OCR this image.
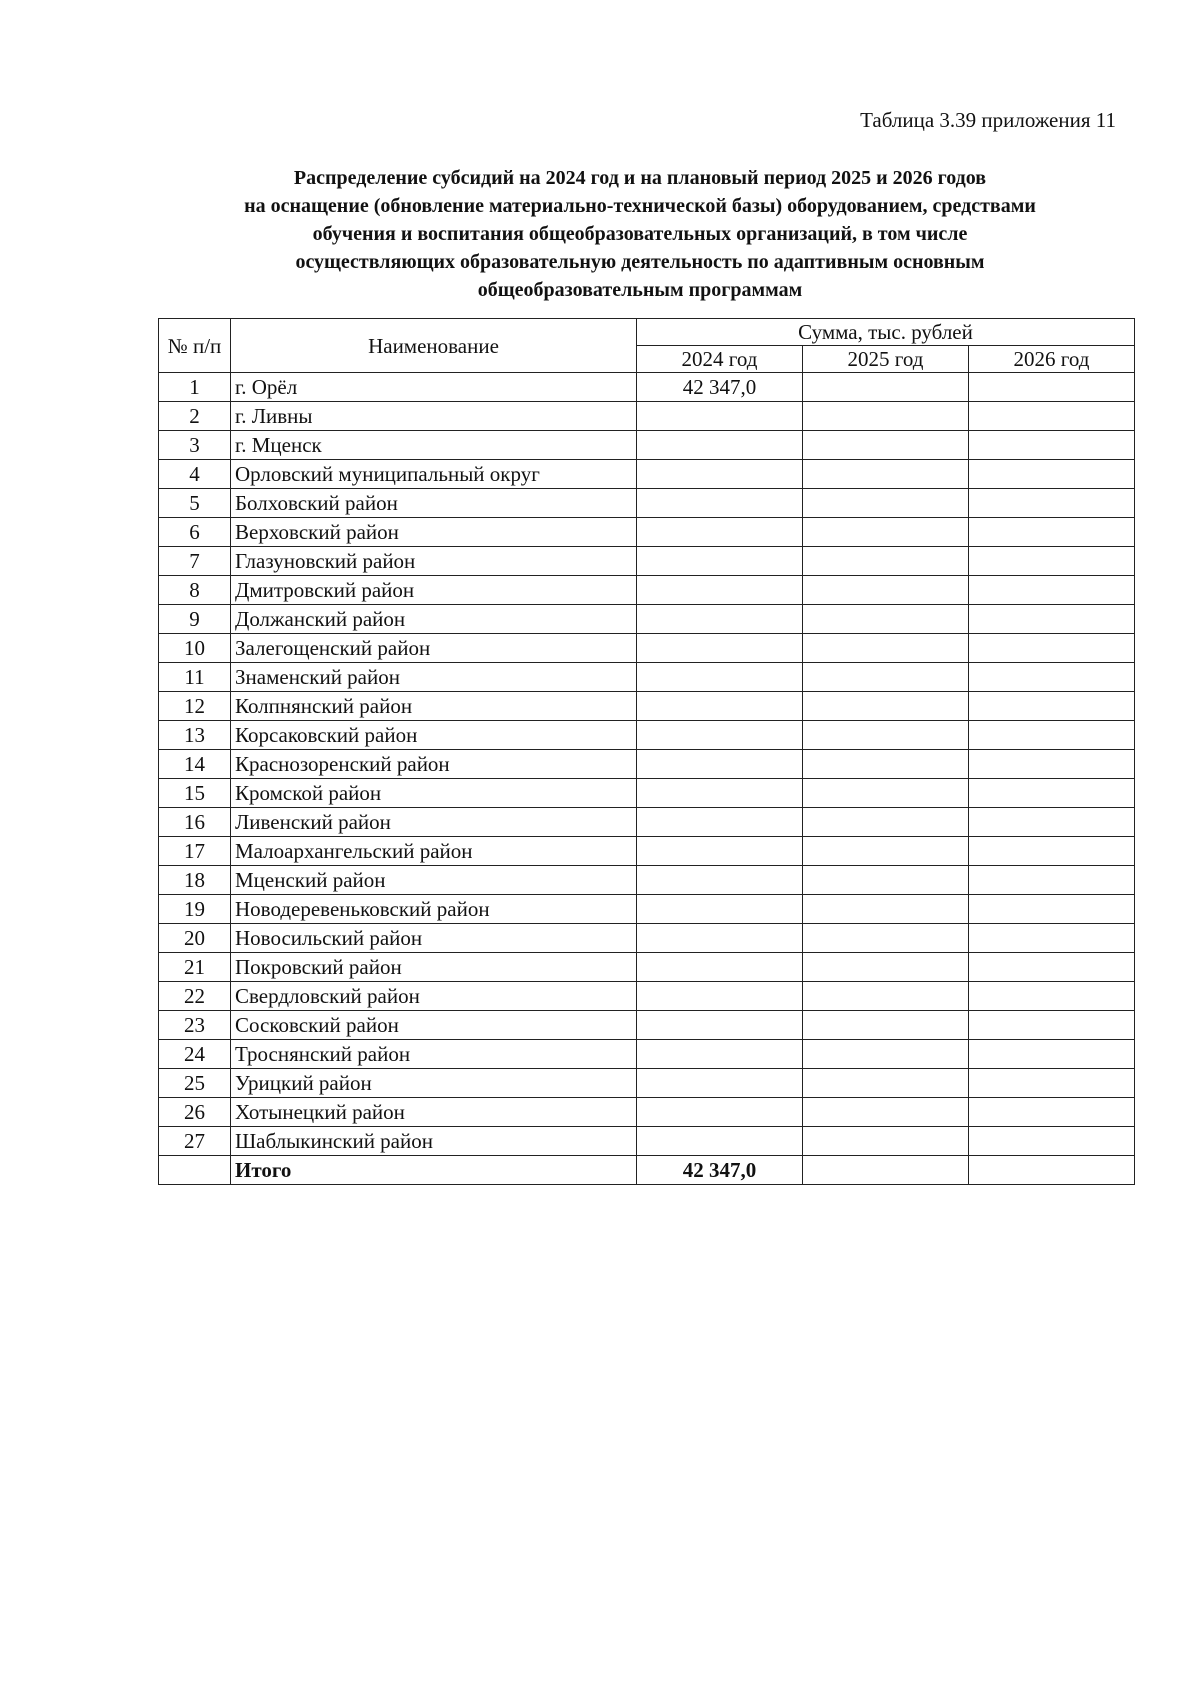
Таблица 3.39 приложения 11
Распределение субсидий на 2024 год и на плановый период 2025 и 2026 годов
на оснащение (обновление материально-технической базы) оборудованием, средствами
обучения и воспитания общеобразовательных организаций, в том числе
осуществляющих образовательную деятельность по адаптивным основным
общеобразовательным программам
№ п/п	Наименование	Сумма, тыс. рублей		
		2024 год	2025 год	2026 год
1	г. Орёл	42 347,0		
2	г. Ливны			
3	г. Мценск			
4	Орловский муниципальный округ			
5	Болховский район			
6	Верховский район			
7	Глазуновский район			
8	Дмитровский район			
9	Должанский район			
10	Залегощенский район			
11	Знаменский район			
12	Колпнянский район			
13	Корсаковский район			
14	Краснозоренский район			
15	Кромской район			
16	Ливенский район			
17	Малоархангельский район			
18	Мценский район			
19	Новодеревеньковский район			
20	Новосильский район			
21	Покровский район			
22	Свердловский район			
23	Сосковский район			
24	Троснянский район			
25	Урицкий район			
26	Хотынецкий район			
27	Шаблыкинский район			
	Итого	42 347,0		
